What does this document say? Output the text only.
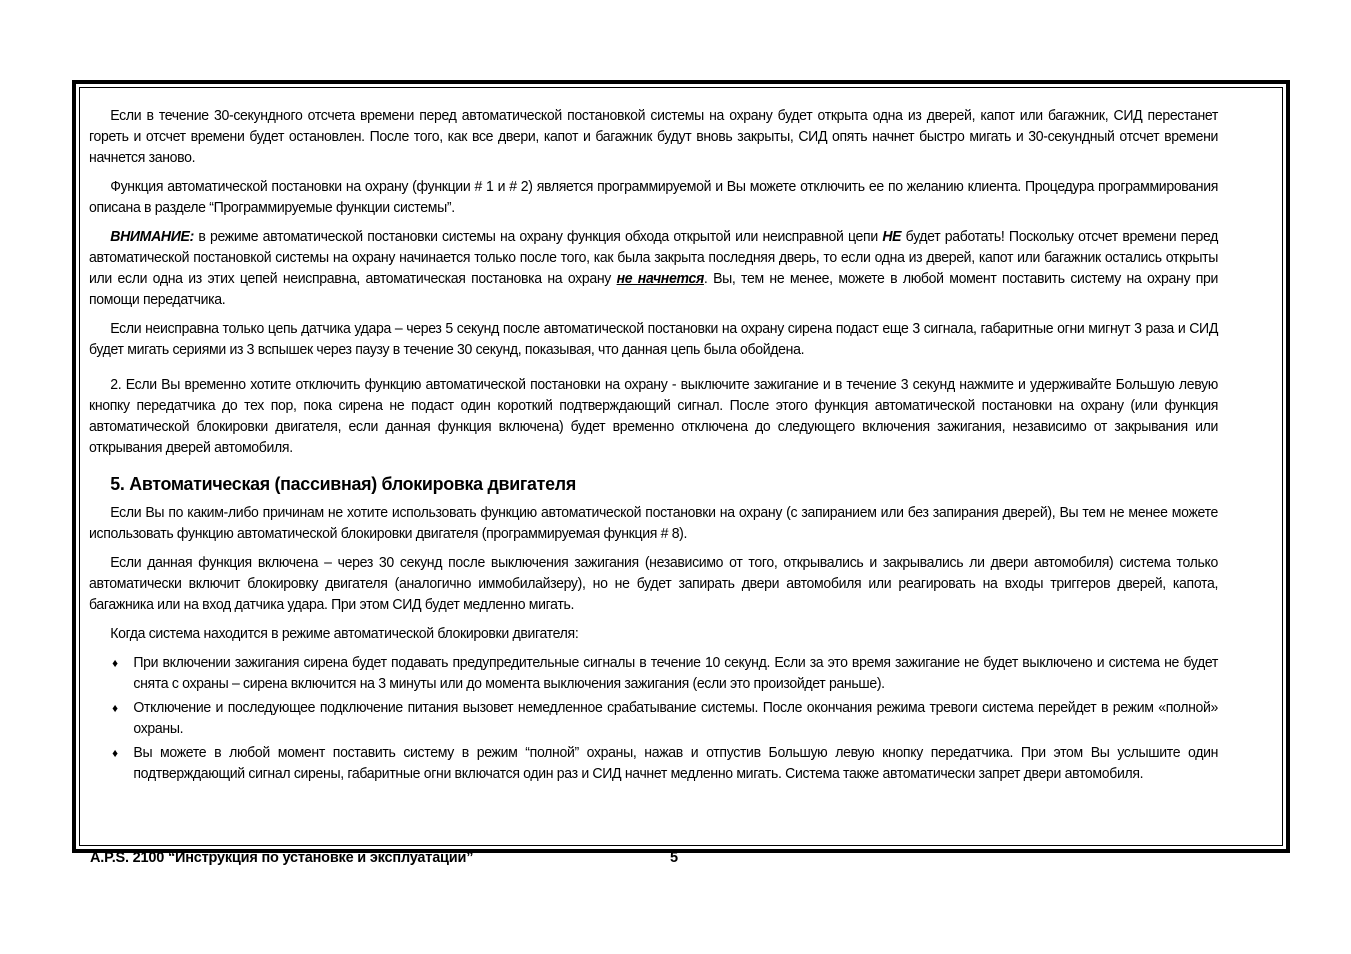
Если в течение 30-секундного отсчета времени перед автоматической постановкой системы на охрану будет открыта одна из дверей, капот или багажник, СИД перестанет гореть и отсчет времени будет остановлен. После того, как все двери, капот и багажник будут вновь закрыты, СИД опять начнет быстро мигать и 30-секундный отсчет времени начнется заново.

Функция автоматической постановки на охрану (функции # 1 и # 2) является программируемой и Вы можете отключить ее по желанию клиента. Процедура программирования описана в разделе “Программируемые функции системы”.

ВНИМАНИЕ: в режиме автоматической постановки системы на охрану функция обхода открытой или неисправной цепи НЕ будет работать! Поскольку отсчет времени перед автоматической постановкой системы на охрану начинается только после того, как была закрыта последняя дверь, то если одна из дверей, капот или багажник остались открыты или если одна из этих цепей неисправна, автоматическая постановка на охрану не начнется. Вы, тем не менее, можете в любой момент поставить систему на охрану при помощи передатчика.

Если неисправна только цепь датчика удара – через 5 секунд после автоматической постановки на охрану сирена подаст еще 3 сигнала, габаритные огни мигнут 3 раза и СИД будет мигать сериями из 3 вспышек через паузу в течение 30 секунд, показывая, что данная цепь была обойдена.

2. Если Вы временно хотите отключить функцию автоматической постановки на охрану - выключите зажигание и в течение 3 секунд нажмите и удерживайте Большую левую кнопку передатчика до тех пор, пока сирена не подаст один короткий подтверждающий сигнал. После этого функция автоматической постановки на охрану (или функция автоматической блокировки двигателя, если данная функция включена) будет временно отключена до следующего включения зажигания, независимо от закрывания или открывания дверей автомобиля.

5. Автоматическая (пассивная) блокировка двигателя

Если Вы по каким-либо причинам не хотите использовать функцию автоматической постановки на охрану (с запиранием или без запирания дверей), Вы тем не менее можете использовать функцию автоматической блокировки двигателя (программируемая функция # 8).

Если данная функция включена – через 30 секунд после выключения зажигания (независимо от того, открывались и закрывались ли двери автомобиля) система только автоматически включит блокировку двигателя (аналогично иммобилайзеру), но не будет запирать двери автомобиля или реагировать на входы триггеров дверей, капота, багажника или на вход датчика удара. При этом СИД будет медленно мигать.

Когда система находится в режиме автоматической блокировки двигателя:

♦ При включении зажигания сирена будет подавать предупредительные сигналы в течение 10 секунд. Если за это время зажигание не будет выключено и система не будет снята с охраны – сирена включится на 3 минуты или до момента выключения зажигания (если это произойдет раньше).
♦ Отключение и последующее подключение питания вызовет немедленное срабатывание системы. После окончания режима тревоги система перейдет в режим «полной» охраны.
♦ Вы можете в любой момент поставить систему в режим “полной” охраны, нажав и отпустив Большую левую кнопку передатчика. При этом Вы услышите один подтверждающий сигнал сирены, габаритные огни включатся один раз и СИД начнет медленно мигать. Система также автоматически запрет двери автомобиля.
A.P.S. 2100 “Инструкция по установке и эксплуатации”	5
